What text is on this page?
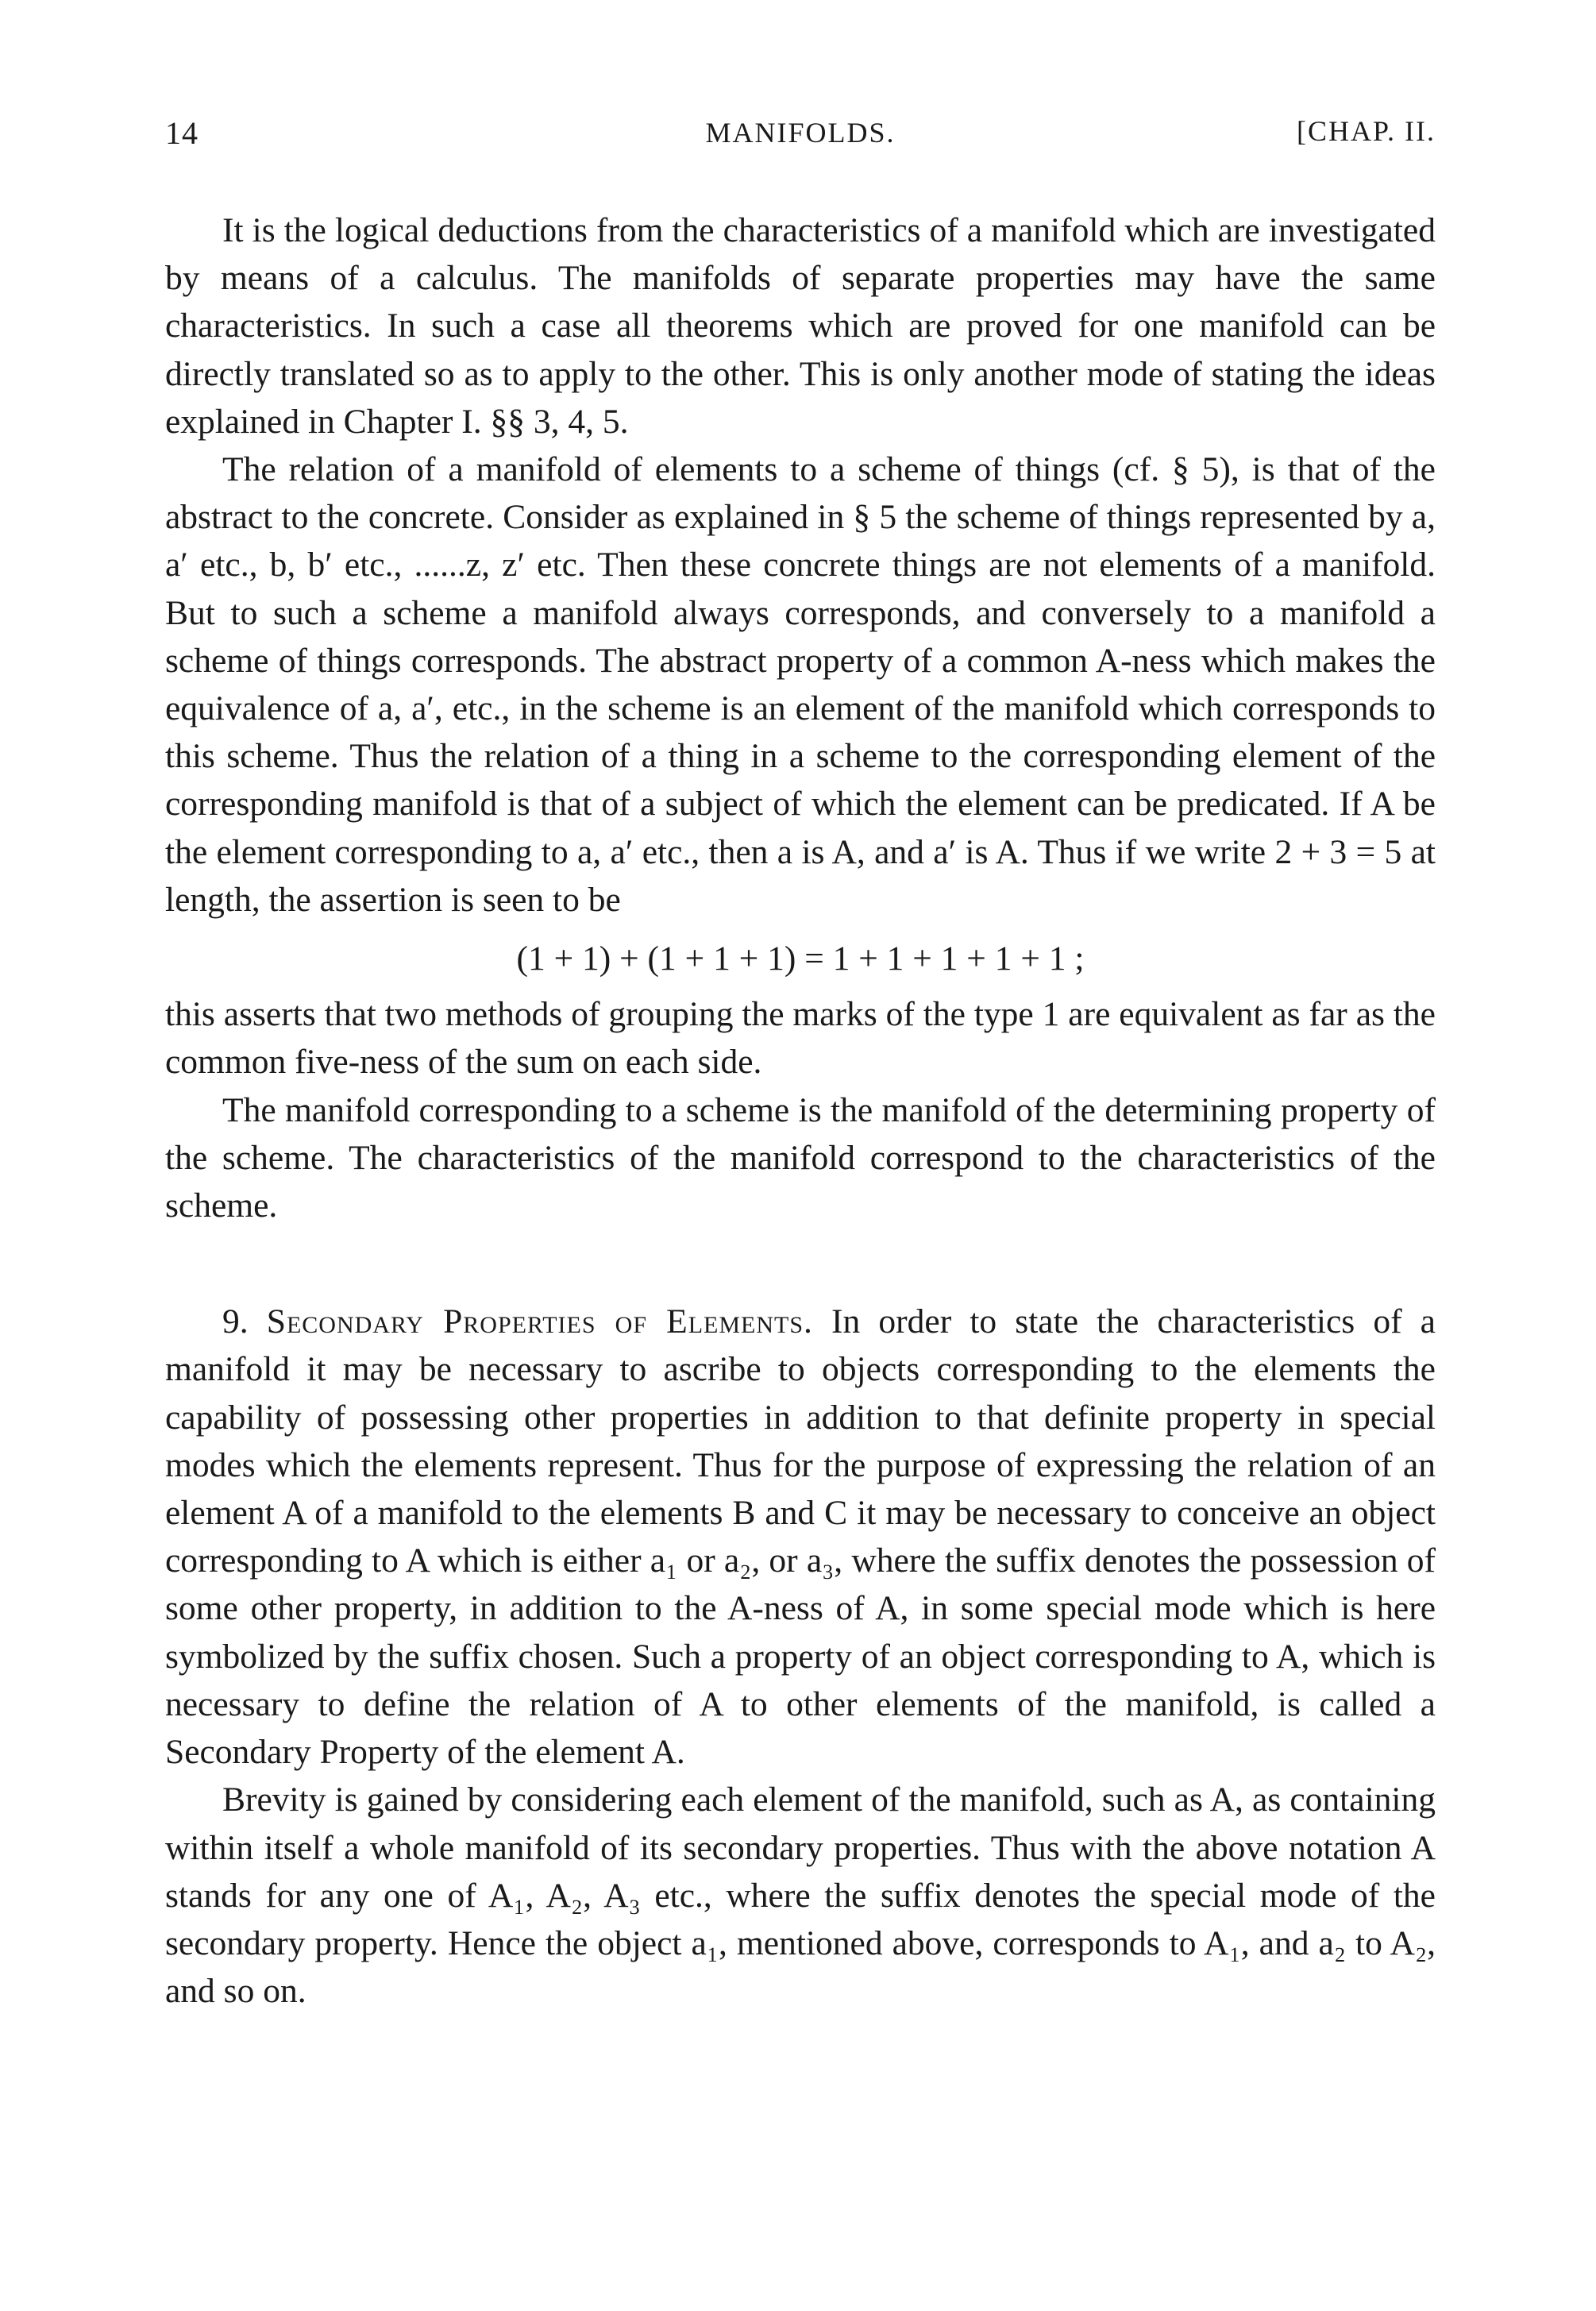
14	MANIFOLDS.	[CHAP. II.

It is the logical deductions from the characteristics of a manifold which are investigated by means of a calculus. The manifolds of separate properties may have the same characteristics. In such a case all theorems which are proved for one manifold can be directly translated so as to apply to the other. This is only another mode of stating the ideas explained in Chapter I. §§ 3, 4, 5.

The relation of a manifold of elements to a scheme of things (cf. § 5), is that of the abstract to the concrete. Consider as explained in § 5 the scheme of things represented by a, a′ etc., b, b′ etc., ......z, z′ etc. Then these concrete things are not elements of a manifold. But to such a scheme a manifold always corresponds, and conversely to a manifold a scheme of things corresponds. The abstract property of a common A-ness which makes the equivalence of a, a′, etc., in the scheme is an element of the manifold which corresponds to this scheme. Thus the relation of a thing in a scheme to the corresponding element of the corresponding manifold is that of a subject of which the element can be predicated. If A be the element corresponding to a, a′ etc., then a is A, and a′ is A. Thus if we write 2 + 3 = 5 at length, the assertion is seen to be

(1 + 1) + (1 + 1 + 1) = 1 + 1 + 1 + 1 + 1 ;

this asserts that two methods of grouping the marks of the type 1 are equivalent as far as the common five-ness of the sum on each side.

The manifold corresponding to a scheme is the manifold of the determining property of the scheme. The characteristics of the manifold correspond to the characteristics of the scheme.

9. Secondary Properties of Elements. In order to state the characteristics of a manifold it may be necessary to ascribe to objects corresponding to the elements the capability of possessing other properties in addition to that definite property in special modes which the elements represent. Thus for the purpose of expressing the relation of an element A of a manifold to the elements B and C it may be necessary to conceive an object corresponding to A which is either a₁ or a₂, or a₃, where the suffix denotes the possession of some other property, in addition to the A-ness of A, in some special mode which is here symbolized by the suffix chosen. Such a property of an object corresponding to A, which is necessary to define the relation of A to other elements of the manifold, is called a Secondary Property of the element A.

Brevity is gained by considering each element of the manifold, such as A, as containing within itself a whole manifold of its secondary properties. Thus with the above notation A stands for any one of A₁, A₂, A₃ etc., where the suffix denotes the special mode of the secondary property. Hence the object a₁, mentioned above, corresponds to A₁, and a₂ to A₂, and so on.
